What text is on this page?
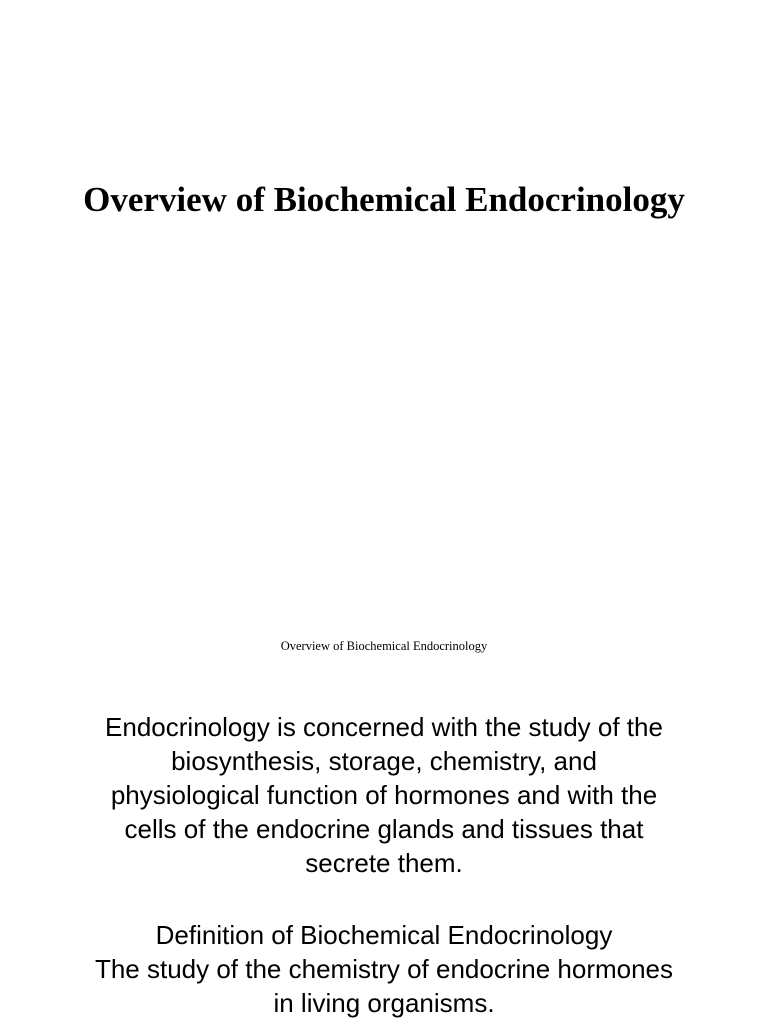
Overview of Biochemical Endocrinology
Overview of Biochemical Endocrinology
Endocrinology is concerned with the study of the
biosynthesis, storage, chemistry, and
physiological function of hormones and with the
cells of the endocrine glands and tissues that
secrete them.
Definition of Biochemical Endocrinology
The study of the chemistry of endocrine hormones
in living organisms.
